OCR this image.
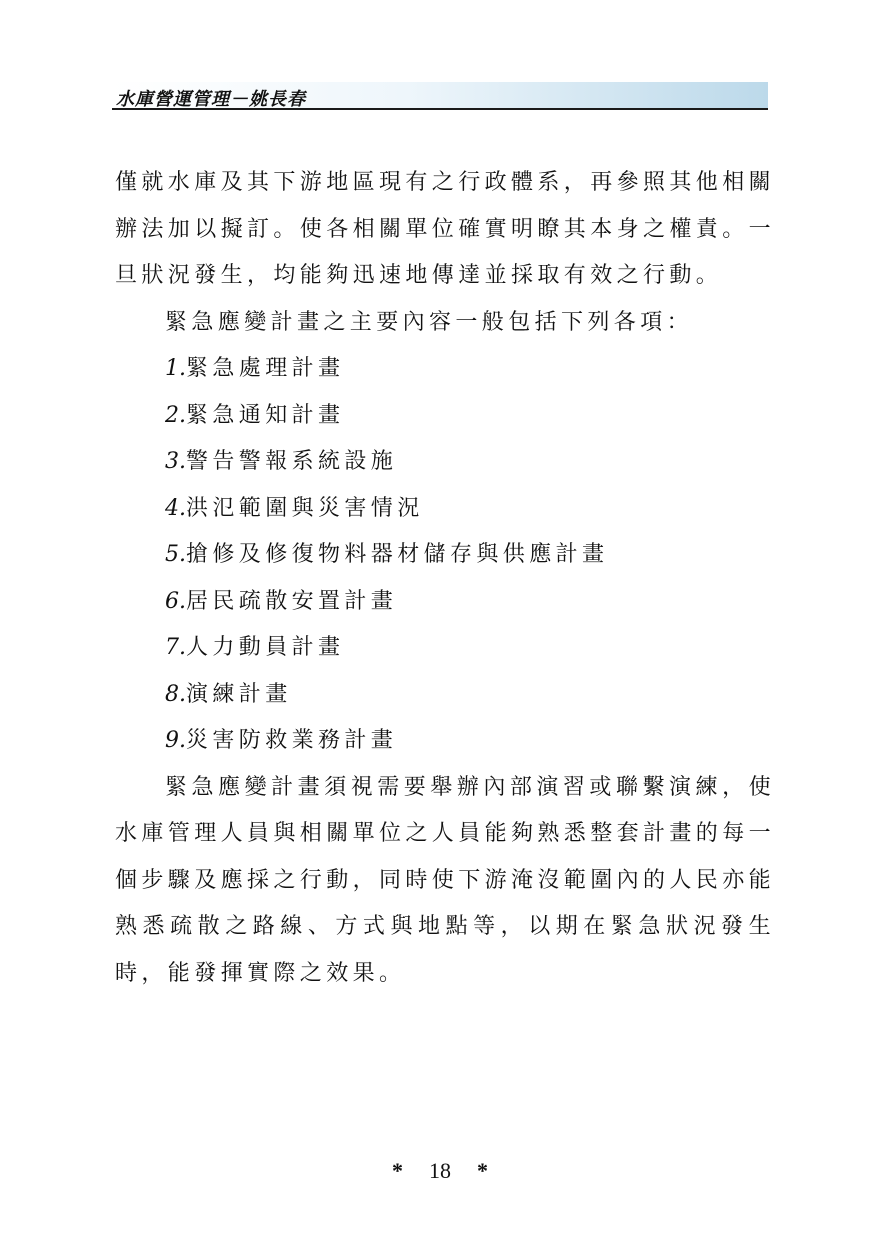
水庫營運管理－姚長春

僅就水庫及其下游地區現有之行政體系，再參照其他相關辦法加以擬訂。使各相關單位確實明瞭其本身之權責。一旦狀況發生，均能夠迅速地傳達並採取有效之行動。

緊急應變計畫之主要內容一般包括下列各項：

1.緊急處理計畫
2.緊急通知計畫
3.警告警報系統設施
4.洪氾範圍與災害情況
5.搶修及修復物料器材儲存與供應計畫
6.居民疏散安置計畫
7.人力動員計畫
8.演練計畫
9.災害防救業務計畫

緊急應變計畫須視需要舉辦內部演習或聯繫演練，使水庫管理人員與相關單位之人員能夠熟悉整套計畫的每一個步驟及應採之行動，同時使下游淹沒範圍內的人民亦能熟悉疏散之路線、方式與地點等，以期在緊急狀況發生時，能發揮實際之效果。

* 18 *
